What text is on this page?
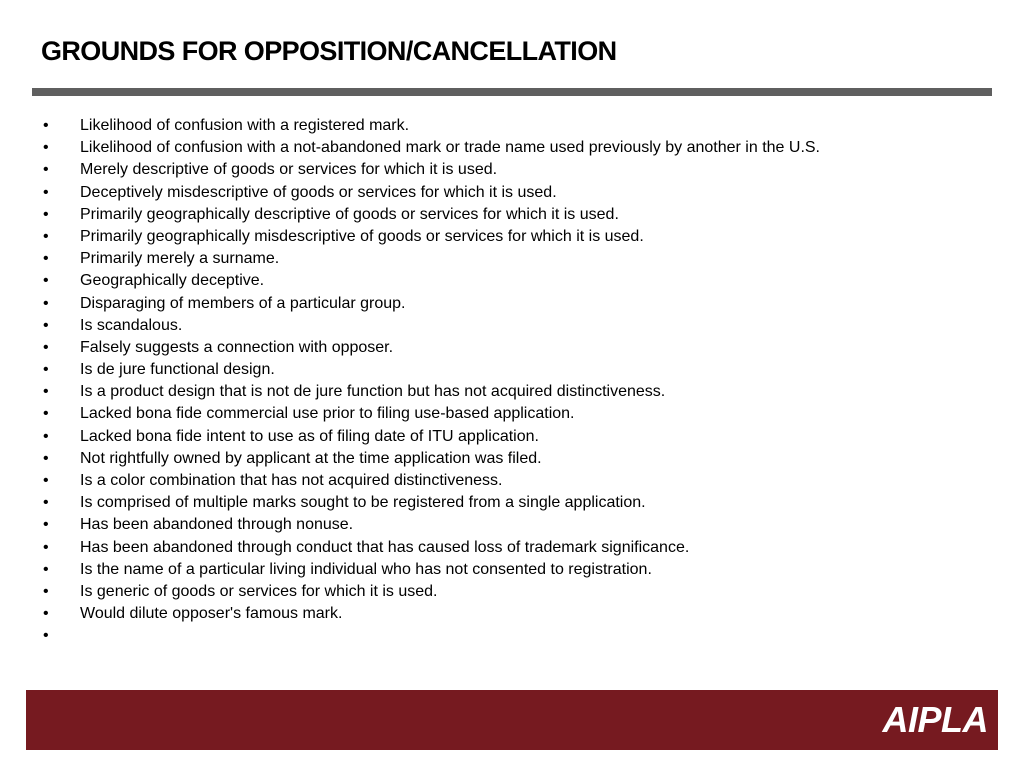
GROUNDS FOR OPPOSITION/CANCELLATION
• Likelihood of confusion with a registered mark.
• Likelihood of confusion with a not-abandoned mark or trade name used previously by another in the U.S.
• Merely descriptive of goods or services for which it is used.
• Deceptively misdescriptive of goods or services for which it is used.
• Primarily geographically descriptive of goods or services for which it is used.
• Primarily geographically misdescriptive of goods or services for which it is used.
• Primarily merely a surname.
• Geographically deceptive.
• Disparaging of members of a particular group.
• Is scandalous.
• Falsely suggests a connection with opposer.
• Is de jure functional design.
• Is a product design that is not de jure function but has not acquired distinctiveness.
• Lacked bona fide commercial use prior to filing use-based application.
• Lacked bona fide intent to use as of filing date of ITU application.
• Not rightfully owned by applicant at the time application was filed.
• Is a color combination that has not acquired distinctiveness.
• Is comprised of multiple marks sought to be registered from a single application.
• Has been abandoned through nonuse.
• Has been abandoned through conduct that has caused loss of trademark significance.
• Is the name of a particular living individual who has not consented to registration.
• Is generic of goods or services for which it is used.
• Would dilute opposer's famous mark.
•
AIPLA
